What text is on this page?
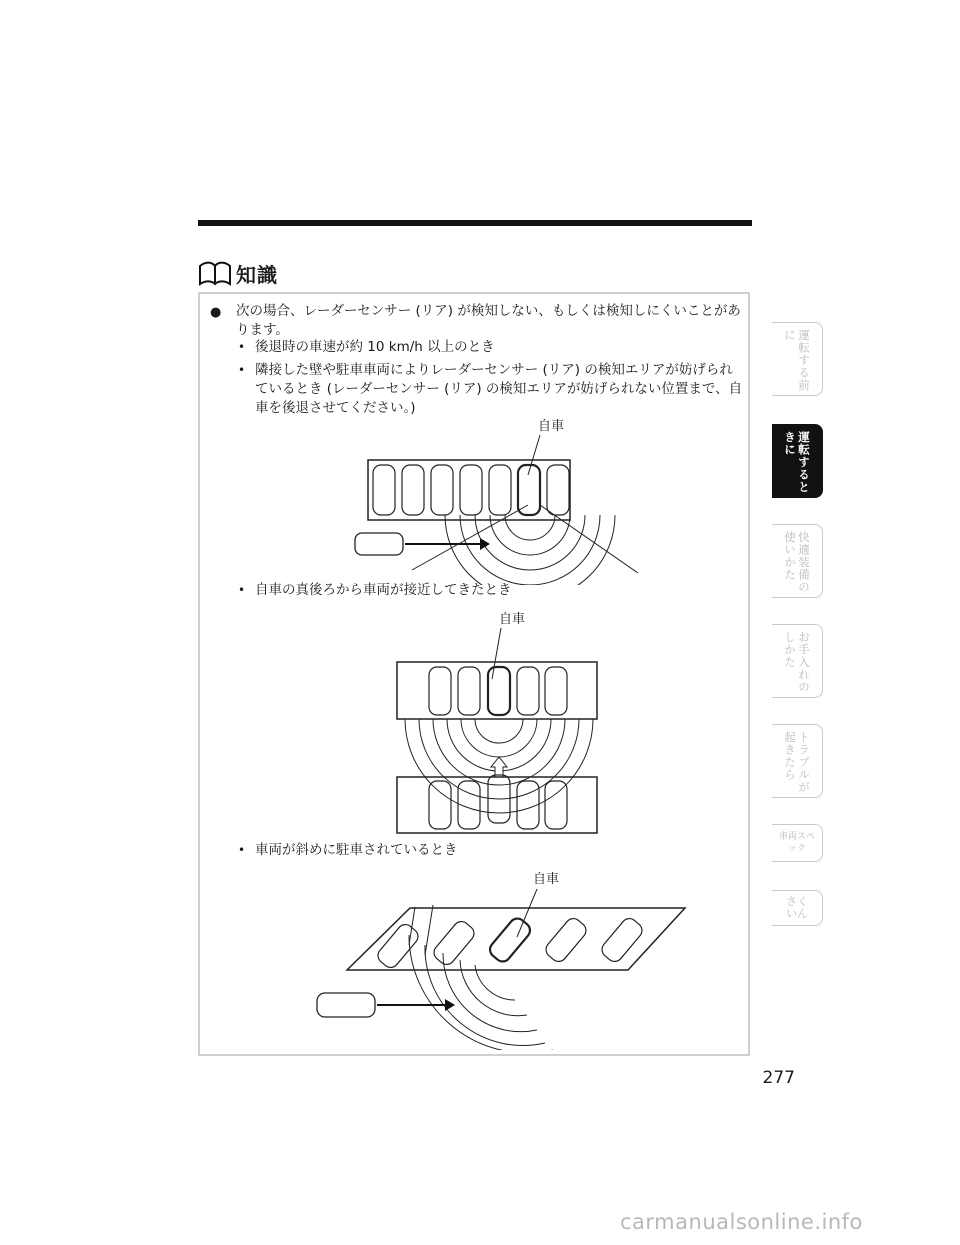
知識
● 次の場合、レーダーセンサー (リア) が検知しない、もしくは検知しにくいことがあります。
• 後退時の車速が約 10 km/h 以上のとき
• 隣接した壁や駐車車両によりレーダーセンサー (リア) の検知エリアが妨げられているとき (レーダーセンサー (リア) の検知エリアが妨げられない位置まで、自車を後退させてください。)
自車
• 自車の真後ろから車両が接近してきたとき
自車
• 車両が斜めに駐車されているとき
自車
運転する前に
運転するときに
快適装備の使いかた
お手入れのしかた
トラブルが起きたら
車両スペック
さくいん
277
carmanualsonline.info
